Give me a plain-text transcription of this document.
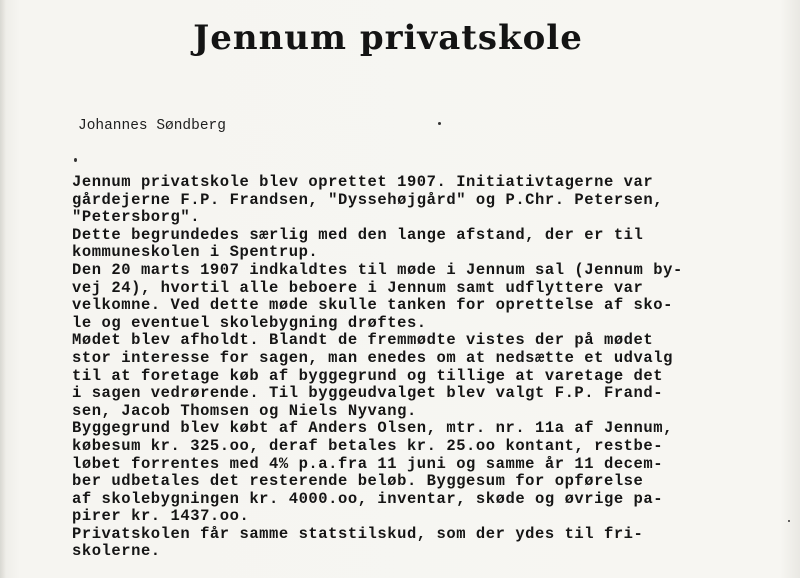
Jennum privatskole

Johannes Søndberg

Jennum privatskole blev oprettet 1907. Initiativtagerne var
gårdejerne F.P. Frandsen, "Dyssehøjgård" og P.Chr. Petersen,
"Petersborg".
Dette begrundedes særlig med den lange afstand, der er til
kommuneskolen i Spentrup.
Den 20 marts 1907 indkaldtes til møde i Jennum sal (Jennum by-
vej 24), hvortil alle beboere i Jennum samt udflyttere var
velkomne. Ved dette møde skulle tanken for oprettelse af sko-
le og eventuel skolebygning drøftes.
Mødet blev afholdt. Blandt de fremmødte vistes der på mødet
stor interesse for sagen, man enedes om at nedsætte et udvalg
til at foretage køb af byggegrund og tillige at varetage det
i sagen vedrørende. Til byggeudvalget blev valgt F.P. Frand-
sen, Jacob Thomsen og Niels Nyvang.
Byggegrund blev købt af Anders Olsen, mtr. nr. 11a af Jennum,
købesum kr. 325.oo, deraf betales kr. 25.oo kontant, restbe-
løbet forrentes med 4% p.a.fra 11 juni og samme år 11 decem-
ber udbetales det resterende beløb. Byggesum for opførelse
af skolebygningen kr. 4000.oo, inventar, skøde og øvrige pa-
pirer kr. 1437.oo.
Privatskolen får samme statstilskud, som der ydes til fri-
skolerne.
